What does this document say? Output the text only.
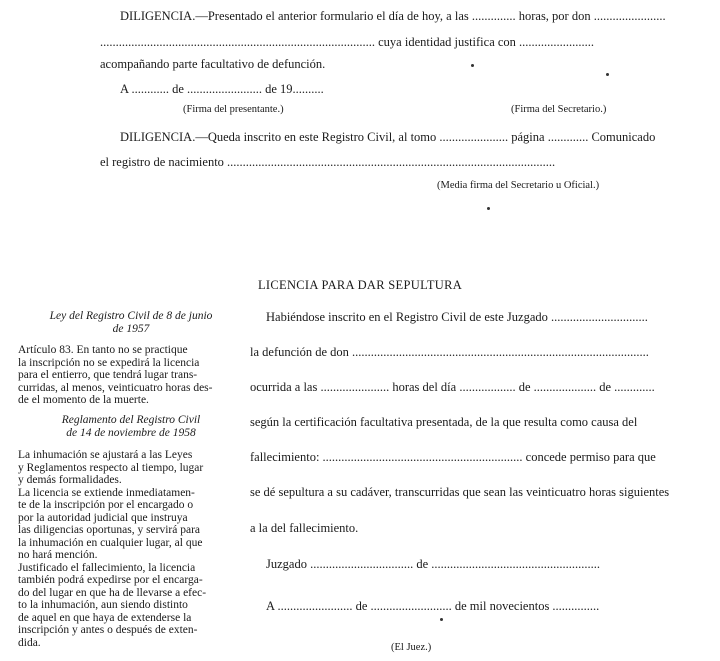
DILIGENCIA.—Presentado el anterior formulario el día de hoy, a las .............. horas, por don .......................
........................................................................................ cuya identidad justifica con ........................
acompañando parte facultativo de defunción.
A ............ de ........................ de 19..........
(Firma del presentante.)	(Firma del Secretario.)
DILIGENCIA.—Queda inscrito en este Registro Civil, al tomo ...................... página ............. Comunicado
el registro de nacimiento .........................................................................................................
(Media firma del Secretario u Oficial.)
LICENCIA PARA DAR SEPULTURA
Ley del Registro Civil de 8 de junio
de 1957
Artículo 83. En tanto no se practique
la inscripción no se expedirá la licencia
para el entierro, que tendrá lugar trans-
curridas, al menos, veinticuatro horas des-
de el momento de la muerte.
Reglamento del Registro Civil
de 14 de noviembre de 1958
La inhumación se ajustará a las Leyes
y Reglamentos respecto al tiempo, lugar
y demás formalidades.
La licencia se extiende inmediatamen-
te de la inscripción por el encargado o
por la autoridad judicial que instruya
las diligencias oportunas, y servirá para
la inhumación en cualquier lugar, al que
no hará mención.
Justificado el fallecimiento, la licencia
también podrá expedirse por el encarga-
do del lugar en que ha de llevarse a efec-
to la inhumación, aun siendo distinto
de aquel en que haya de extenderse la
inscripción y antes o después de exten-
dida.
Habiéndose inscrito en el Registro Civil de este Juzgado ...............................
la defunción de don ...............................................................................................
ocurrida a las ...................... horas del día .................. de .................... de .............
según la certificación facultativa presentada, de la que resulta como causa del
fallecimiento: ................................................................ concede permiso para que
se dé sepultura a su cadáver, transcurridas que sean las veinticuatro horas siguientes
a la del fallecimiento.
Juzgado ................................. de ......................................................
A ........................ de .......................... de mil novecientos ...............
(El Juez.)
